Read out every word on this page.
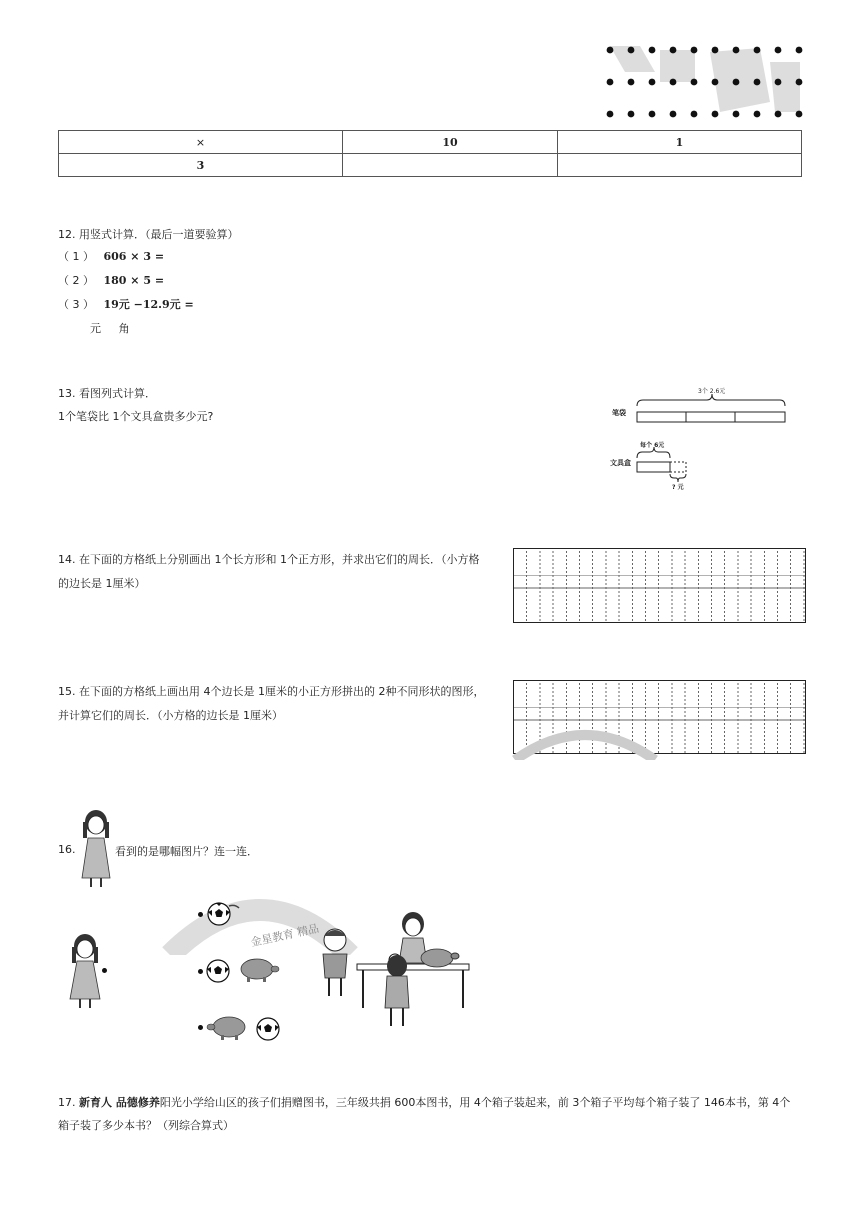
×	10	1
3		
12. 用竖式计算．（最后一道要验算）
（ 1 ） 606 × 3 =
（ 2 ） 180 × 5 =
（ 3 ） 19元 −12.9元 =
元     角
13. 看图列式计算．
1个笔袋比 1个文具盒贵多少元?
3个 2.6元
笔袋
每个 6元
文具盒
? 元
14. 在下面的方格纸上分别画出 1个长方形和 1个正方形，并求出它们的周长．（小方格
的边长是 1厘米）
15. 在下面的方格纸上画出用 4个边长是 1厘米的小正方形拼出的 2种不同形状的图形，
并计算它们的周长．（小方格的边长是 1厘米）
16.	看到的是哪幅图片？连一连．
金星教育 精品
17. 新育人 品德修养阳光小学给山区的孩子们捐赠图书，三年级共捐 600本图书，用 4个箱子装起来，前 3个箱子平均每个箱子装了 146本书，第 4个
箱子装了多少本书？（列综合算式）
